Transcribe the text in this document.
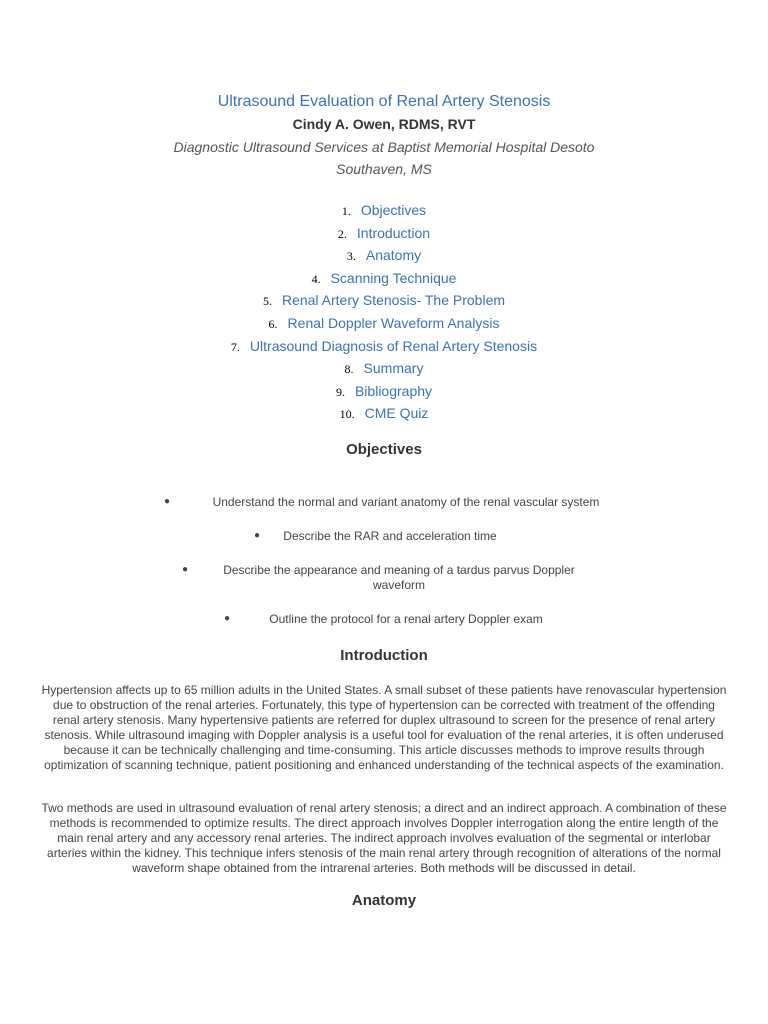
Ultrasound Evaluation of Renal Artery Stenosis
Cindy A. Owen, RDMS, RVT
Diagnostic Ultrasound Services at Baptist Memorial Hospital Desoto
Southaven, MS
1. Objectives
2. Introduction
3. Anatomy
4. Scanning Technique
5. Renal Artery Stenosis- The Problem
6. Renal Doppler Waveform Analysis
7. Ultrasound Diagnosis of Renal Artery Stenosis
8. Summary
9. Bibliography
10. CME Quiz
Objectives
●	Understand the normal and variant anatomy of the renal vascular system
●	Describe the RAR and acceleration time
●	Describe the appearance and meaning of a tardus parvus Doppler waveform
●	Outline the protocol for a renal artery Doppler exam
Introduction

Hypertension affects up to 65 million adults in the United States. A small subset of these patients have renovascular hypertension due to obstruction of the renal arteries. Fortunately, this type of hypertension can be corrected with treatment of the offending renal artery stenosis. Many hypertensive patients are referred for duplex ultrasound to screen for the presence of renal artery stenosis. While ultrasound imaging with Doppler analysis is a useful tool for evaluation of the renal arteries, it is often underused because it can be technically challenging and time-consuming. This article discusses methods to improve results through optimization of scanning technique, patient positioning and enhanced understanding of the technical aspects of the examination.

Two methods are used in ultrasound evaluation of renal artery stenosis; a direct and an indirect approach. A combination of these methods is recommended to optimize results. The direct approach involves Doppler interrogation along the entire length of the main renal artery and any accessory renal arteries. The indirect approach involves evaluation of the segmental or interlobar arteries within the kidney. This technique infers stenosis of the main renal artery through recognition of alterations of the normal waveform shape obtained from the intrarenal arteries. Both methods will be discussed in detail.

Anatomy
